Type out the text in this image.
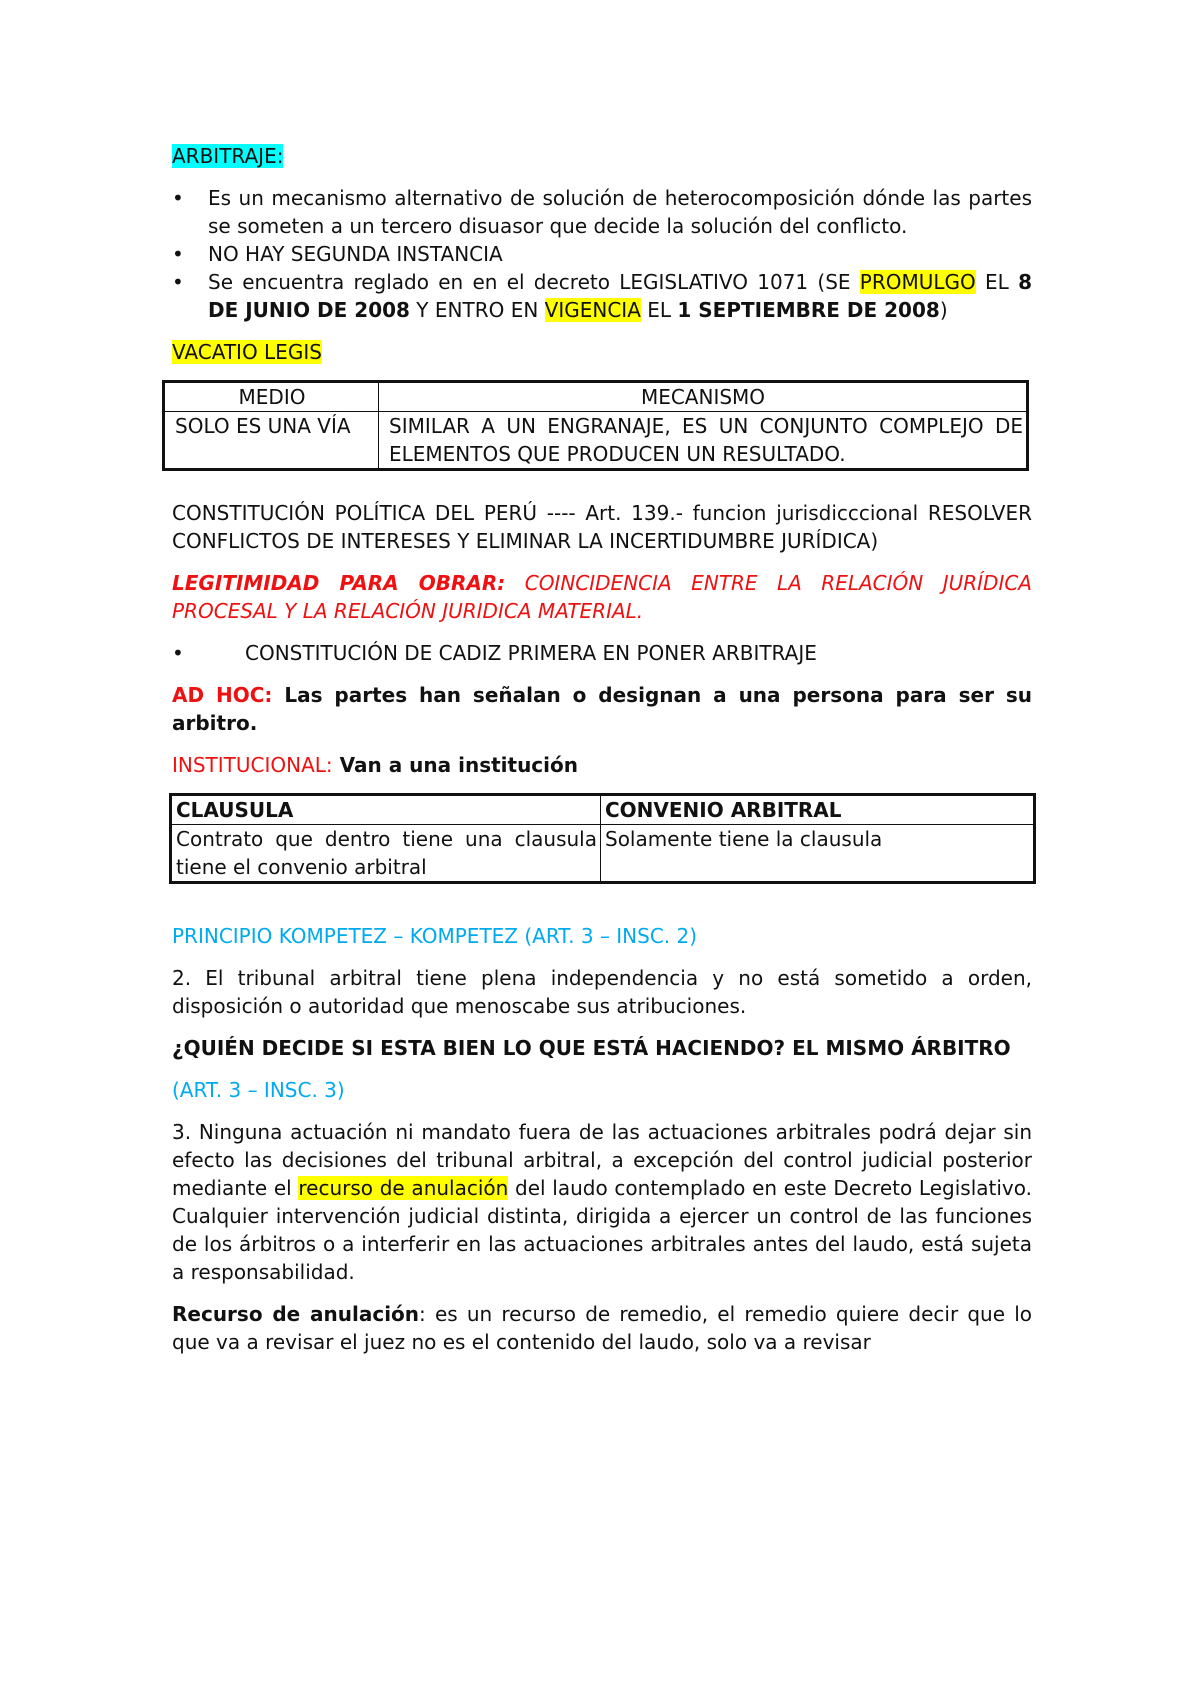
ARBITRAJE:

• Es un mecanismo alternativo de solución de heterocomposición dónde las partes se someten a un tercero disuasor que decide la solución del conflicto.
• NO HAY SEGUNDA INSTANCIA
• Se encuentra reglado en en el decreto LEGISLATIVO 1071 (SE PROMULGO EL 8 DE JUNIO DE 2008 Y ENTRO EN VIGENCIA EL 1 SEPTIEMBRE DE 2008)

VACATIO LEGIS

MEDIO	MECANISMO
SOLO ES UNA VÍA	SIMILAR A UN ENGRANAJE, ES UN CONJUNTO COMPLEJO DE ELEMENTOS QUE PRODUCEN UN RESULTADO.

CONSTITUCIÓN POLÍTICA DEL PERÚ ---- Art. 139.- funcion jurisdicccional RESOLVER CONFLICTOS DE INTERESES Y ELIMINAR LA INCERTIDUMBRE JURÍDICA)

LEGITIMIDAD PARA OBRAR: COINCIDENCIA ENTRE LA RELACIÓN JURÍDICA PROCESAL Y LA RELACIÓN JURIDICA MATERIAL.

• CONSTITUCIÓN DE CADIZ PRIMERA EN PONER ARBITRAJE

AD HOC: Las partes han señalan o designan a una persona para ser su arbitro.

INSTITUCIONAL: Van a una institución

CLAUSULA	CONVENIO ARBITRAL
Contrato que dentro tiene una clausula tiene el convenio arbitral	Solamente tiene la clausula

PRINCIPIO KOMPETEZ – KOMPETEZ (ART. 3 – INSC. 2)

2. El tribunal arbitral tiene plena independencia y no está sometido a orden, disposición o autoridad que menoscabe sus atribuciones.

¿QUIÉN DECIDE SI ESTA BIEN LO QUE ESTÁ HACIENDO? EL MISMO ÁRBITRO

(ART. 3 – INSC. 3)

3. Ninguna actuación ni mandato fuera de las actuaciones arbitrales podrá dejar sin efecto las decisiones del tribunal arbitral, a excepción del control judicial posterior mediante el recurso de anulación del laudo contemplado en este Decreto Legislativo. Cualquier intervención judicial distinta, dirigida a ejercer un control de las funciones de los árbitros o a interferir en las actuaciones arbitrales antes del laudo, está sujeta a responsabilidad.

Recurso de anulación: es un recurso de remedio, el remedio quiere decir que lo que va a revisar el juez no es el contenido del laudo, solo va a revisar
